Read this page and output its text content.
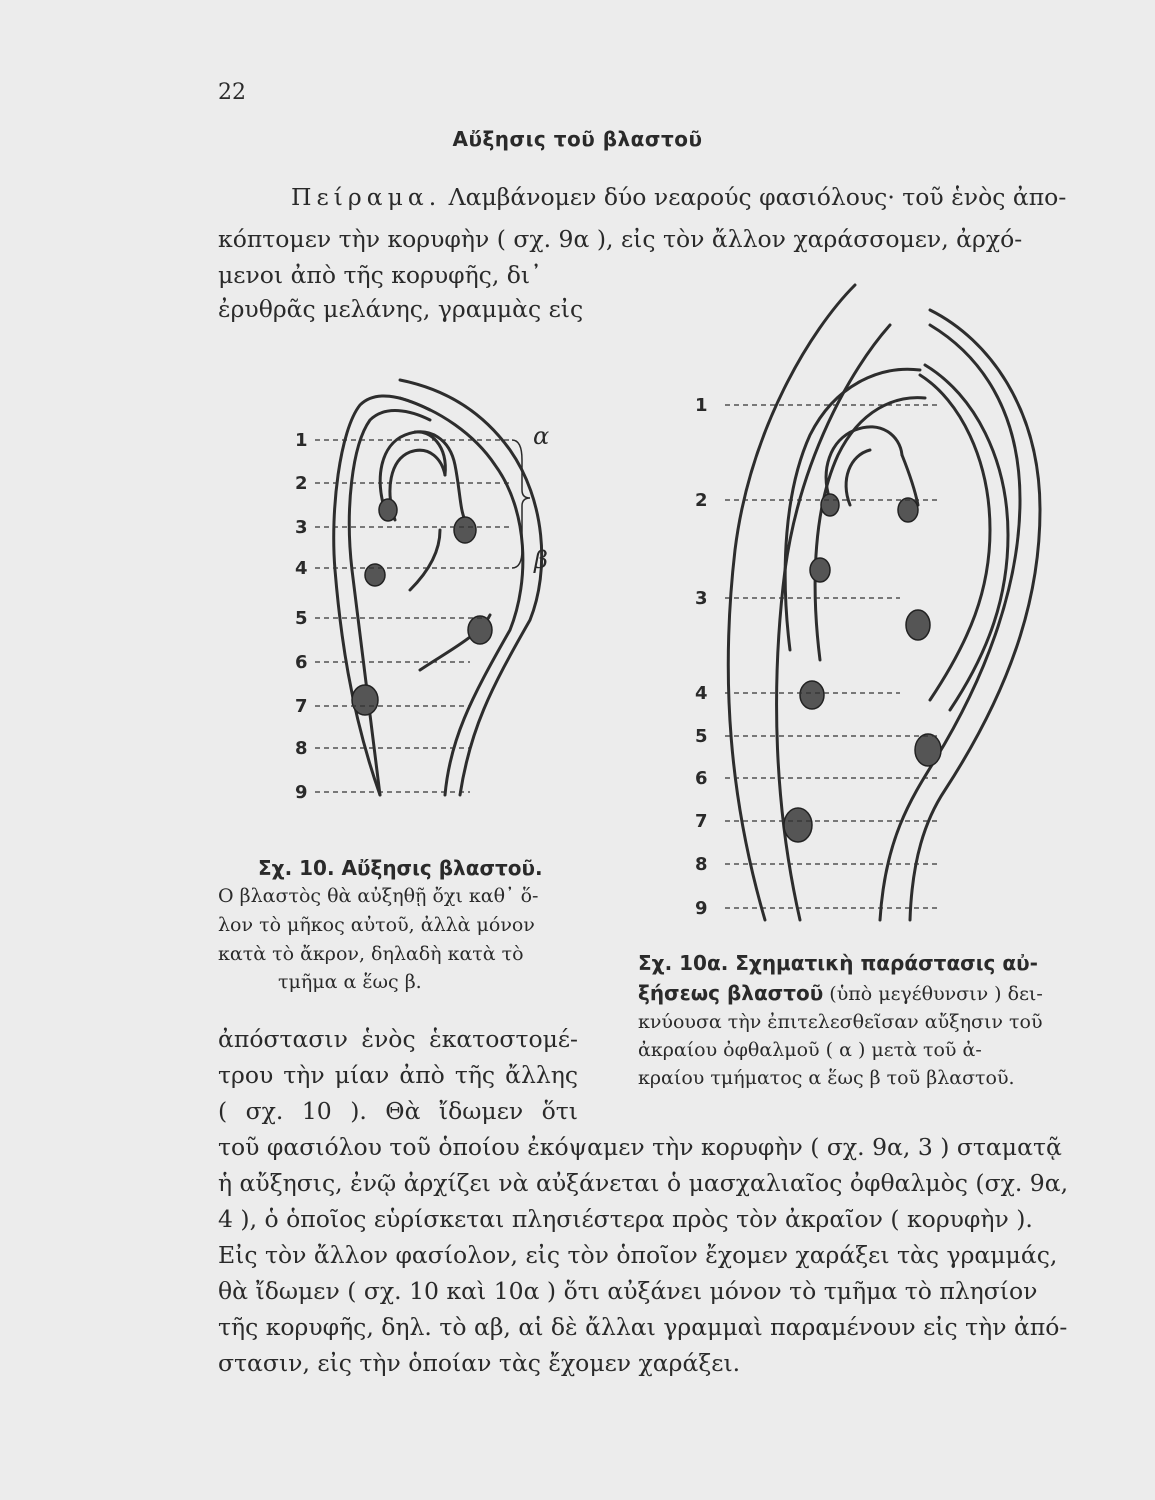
22
Αὔξησις τοῦ βλαστοῦ
Πείραμα. Λαμβάνομεν δύο νεαρούς φασιόλους· τοῦ ἑνὸς ἀπο-
κόπτομεν τὴν κορυφὴν ( σχ. 9α ), εἰς τὸν ἄλλον χαράσσομεν, ἀρχό-
μενοι ἀπὸ τῆς κορυφῆς, δι᾽
ἐρυθρᾶς μελάνης, γραμμὰς εἰς
1
2
3
4
5
6
7
8
9
α
β
Σχ. 10. Αὔξησις βλαστοῦ.
Ο βλαστὸς θὰ αὐξηθῇ ὄχι καθ᾽ ὅ-
λον τὸ μῆκος αὐτοῦ, ἀλλὰ μόνον
κατὰ τὸ ἄκρον, δηλαδὴ κατὰ τὸ
τμῆμα α ἕως β.
1
2
3
4
5
6
7
8
9
Σχ. 10α. Σχηματικὴ παράστασις αὐ-
ξήσεως βλαστοῦ (ὑπὸ μεγέθυνσιν ) δει-
κνύουσα τὴν ἐπιτελεσθεῖσαν αὔξησιν τοῦ
ἀκραίου ὀφθαλμοῦ ( α ) μετὰ τοῦ ἀ-
κραίου τμήματος α ἕως β τοῦ βλαστοῦ.
ἀπόστασιν ἑνὸς ἑκατοστομέ-
τρου τὴν μίαν ἀπὸ τῆς ἄλλης
( σχ. 10 ). Θὰ ἴδωμεν ὅτι
τοῦ φασιόλου τοῦ ὁποίου ἐκόψαμεν τὴν κορυφὴν ( σχ. 9α, 3 ) σταματᾷ
ἡ αὔξησις, ἐνῷ ἀρχίζει νὰ αὐξάνεται ὁ μασχαλιαῖος ὀφθαλμὸς (σχ. 9α,
4 ), ὁ ὁποῖος εὑρίσκεται πλησιέστερα πρὸς τὸν ἀκραῖον ( κορυφὴν ).
Εἰς τὸν ἄλλον φασίολον, εἰς τὸν ὁποῖον ἔχομεν χαράξει τὰς γραμμάς,
θὰ ἴδωμεν ( σχ. 10 καὶ 10α ) ὅτι αὐξάνει μόνον τὸ τμῆμα τὸ πλησίον
τῆς κορυφῆς, δηλ. τὸ αβ, αἱ δὲ ἄλλαι γραμμαὶ παραμένουν εἰς τὴν ἀπό-
στασιν, εἰς τὴν ὁποίαν τὰς ἔχομεν χαράξει.
